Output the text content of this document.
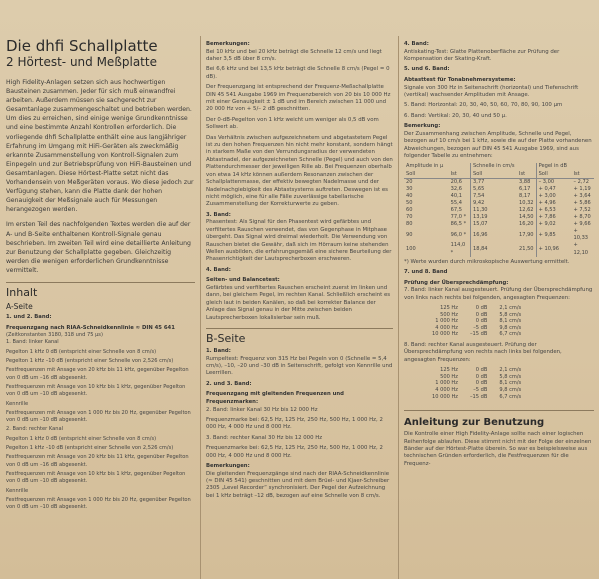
Die dhfi Schallplatte
2 Hörtest- und Meßplatte

High Fidelity-Anlagen setzen sich aus hochwertigen Bausteinen zusammen. Jeder für sich muß einwandfrei arbeiten. Außerdem müssen sie sachgerecht zur Gesamtanlage zusammengeschaltet und betrieben werden. Um dies zu erreichen, sind einige wenige Grundkenntnisse und eine bestimmte Anzahl Kontrollen erforderlich. Die vorliegende dhfi Schallplatte enthält eine aus langjähriger Erfahrung im Umgang mit HiFi-Geräten als zweckmäßig erkannte Zusammenstellung von Kontroll-Signalen zum Einpegeln und zur Betriebsprüfung von HiFi-Bausteinen und Gesamtanlagen. Diese Hörtest-Platte setzt nicht das Vorhandensein von Meßgeräten voraus. Wo diese jedoch zur Verfügung stehen, kann die Platte dank der hohen Genauigkeit der Meßsignale auch für Messungen herangezogen werden.

Im ersten Teil des nachfolgenden Textes werden die auf der A- und B-Seite enthaltenen Kontroll-Signale genau beschrieben. Im zweiten Teil wird eine detaillierte Anleitung zur Benutzung der Schallplatte gegeben. Gleichzeitig werden die wenigen erforderlichen Grundkenntnisse vermittelt.

Inhalt
A-Seite
1. und 2. Band:
Frequenzgang nach RIAA-Schneidkennlinie ≈ DIN 45 641
(Zeitkonstanten 3180, 318 und 75 µs)

1. Band: linker Kanal

Pegelton 1 kHz 0 dB (entspricht einer Schnelle von 8 cm/s)

Pegelton 1 kHz –10 dB (entspricht einer Schnelle von 2,526 cm/s)

Festfrequenzen mit Ansage von 20 kHz bis 11 kHz, gegenüber Pegelton von 0 dB um –16 dB abgesenkt.

Festfrequenzen mit Ansage von 10 kHz bis 1 kHz, gegenüber Pegelton von 0 dB um –10 dB abgesenkt.

Kennrille

Festfrequenzen mit Ansage von 1 000 Hz bis 20 Hz, gegenüber Pegelton von 0 dB um –10 dB abgesenkt.

2. Band: rechter Kanal

Pegelton 1 kHz 0 dB (entspricht einer Schnelle von 8 cm/s)

Pegelton 1 kHz –10 dB (entspricht einer Schnelle von 2,526 cm/s)

Festfrequenzen mit Ansage von 20 kHz bis 11 kHz, gegenüber Pegelton von 0 dB um –16 dB abgesenkt.

Festfrequenzen mit Ansage von 10 kHz bis 1 kHz, gegenüber Pegelton von 0 dB um –10 dB abgesenkt.

Kennrille

Festfrequenzen mit Ansage von 1 000 Hz bis 20 Hz, gegenüber Pegelton von 0 dB um –10 dB abgesenkt.

Bemerkungen:
Bei 10 kHz und bei 20 kHz beträgt die Schnelle 12 cm/s und liegt daher 3,5 dB über 8 cm/s.
Bei 6,6 kHz und bei 13,5 kHz beträgt die Schnelle 8 cm/s (Pegel = 0 dB).
Der Frequenzgang ist entsprechend der Frequenz-Meßschallplatte DIN 45 541 Ausgabe 1969 im Frequenzbereich von 20 bis 10 000 Hz mit einer Genauigkeit ± 1 dB und im Bereich zwischen 11 000 und 20 000 Hz von + 5/– 2 dB geschnitten.
Der 0-dB-Pegelton von 1 kHz weicht um weniger als 0,5 dB vom Sollwert ab.
Das Verhältnis zwischen aufgezeichnetem und abgetastetem Pegel ist zu den hohen Frequenzen hin nicht mehr konstant, sondern hängt in starkem Maße von den Verrundungsradius der verwendeten Abtastnadel, der aufgezeichneten Schnelle (Pegel) und auch von den Plattendurchmesser der jeweiligen Rille ab. Bei Frequenzen oberhalb von etwa 14 kHz können außerdem Resonanzen zwischen der Schallplattenmasse, der effektiv bewegten Nadelmasse und der Nadelnachgiebigkeit des Abtastsystems auftreten. Deswegen ist es nicht möglich, eine für alle Fälle zuverlässige tabellarische Zusammenstellung der Korrekturwerte zu geben.
3. Band:
Phasentest: Als Signal für den Phasentest wird gefärbtes und verfiltertes Rauschen verwendet, das von Gegenphase in Mitphase übergeht. Das Signal wird dreimal wiederholt. Die Verwendung von Rauschen bietet die Gewähr, daß sich im Hörraum keine stehenden Wellen ausbilden, die erfahrungsgemäß eine sichere Beurteilung der Phasenrichtigkeit der Lautsprecherboxen erschweren.
4. Band:
Seiten- und Balancetest:
Gefärbtes und verfiltertes Rauschen erscheint zuerst im linken und dann, bei gleichem Pegel, im rechten Kanal. Schließlich erscheint es gleich laut in beiden Kanälen, so daß bei korrekter Balance der Anlage das Signal genau in der Mitte zwischen beiden Lautsprecherboxen lokalisierbar sein muß.
B-Seite
1. Band:
Rumpeltest: Frequenz von 315 Hz bei Pegeln von 0 (Schnelle = 5,4 cm/s), –10, –20 und –30 dB in Seitenschrift, gefolgt von Kennrille und Leerrillen.
2. und 3. Band:
Frequenzgang mit gleitenden Frequenzen und Frequenzmarken:
2. Band: linker Kanal 30 Hz bis 12 000 Hz
Frequenzmarke bei: 62,5 Hz, 125 Hz, 250 Hz, 500 Hz, 1 000 Hz, 2 000 Hz, 4 000 Hz und 8 000 Hz.
3. Band: rechter Kanal 30 Hz bis 12 000 Hz
Frequenzmarke bei: 62,5 Hz, 125 Hz, 250 Hz, 500 Hz, 1 000 Hz, 2 000 Hz, 4 000 Hz und 8 000 Hz.
Bemerkungen:
Die gleitenden Frequenzgänge sind nach der RIAA-Schneidkennlinie (≈ DIN 45 541) geschnitten und mit dem Brüel- und Kjaer-Schreiber 2305 „Level Recorder“ synchronisiert. Der Pegel der Aufzeichnung bei 1 kHz beträgt –12 dB, bezogen auf eine Schnelle von 8 cm/s.
4. Band:
Antiskating-Test: Glatte Plattenoberfläche zur Prüfung der Kompensation der Skating-Kraft.
5. und 6. Band:
Abtasttest für Tonabnehmersysteme:
Signale von 300 Hz in Seitenschrift (horizontal) und Tiefenschrift (vertikal) wachsender Amplituden mit Ansage.
5. Band: Horizontal: 20, 30, 40, 50, 60, 70, 80, 90, 100 µm
6. Band: Vertikal: 20, 30, 40 und 50 µ.
Bemerkung:
Der Zusammenhang zwischen Amplitude, Schnelle und Pegel, bezogen auf 10 cm/s bei 1 kHz, sowie die auf der Platte vorhandenen Abweichungen, bezogen auf DIN 45 541 Ausgabe 1969, sind aus folgender Tabelle zu entnehmen:
Amplitude in µ Soll	Ist	Schnelle in cm/s Soll	Ist	Pegel in dB Soll	Ist
20	20,6	3,77	3,88	– 3,00	– 2,72
30	32,6	5,65	6,17	+ 0,47	+ 1,19
40	40,1	7,54	8,17	+ 3,00	+ 3,64
50	55,4	9,42	10,32	+ 4,96	+ 5,86
60	67,5	11,30	12,62	+ 6,53	+ 7,52
70	77,0 *	13,19	14,50	+ 7,86	+ 8,70
80	86,5 *	15,07	16,20	+ 9,02	+ 9,66
90	96,0 *	16,96	17,90	+ 9,85	+ 10,33
100	114,0 *	18,84	21,50	+ 10,96	+ 12,10
*) Werte wurden durch mikroskopische Auswertung ermittelt.
7. und 8. Band
Prüfung der Übersprechdämpfung:
7. Band: linker Kanal ausgesteuert. Prüfung der Übersprechdämpfung von links nach rechts bei folgenden, angesagten Frequenzen:
125 Hz	0 dB	2,1 cm/s
500 Hz	0 dB	5,8 cm/s
1 000 Hz	0 dB	8,1 cm/s
4 000 Hz	–5 dB	9,8 cm/s
10 000 Hz	–15 dB	6,7 cm/s
8. Band: rechter Kanal ausgesteuert. Prüfung der Übersprechdämpfung von rechts nach links bei folgenden, angesagten Frequenzen:
125 Hz	0 dB	2,1 cm/s
500 Hz	0 dB	5,8 cm/s
1 000 Hz	0 dB	8,1 cm/s
4 000 Hz	–5 dB	9,8 cm/s
10 000 Hz	–15 dB	6,7 cm/s
Anleitung zur Benutzung
Die Kontrolle einer High Fidelity-Anlage sollte nach einer logischen Reihenfolge ablaufen. Diese stimmt nicht mit der Folge der einzelnen Bänder auf der Hörtest-Platte überein. So war es beispielsweise aus technischen Gründen erforderlich, die Festfrequenzen für die Frequenz-
